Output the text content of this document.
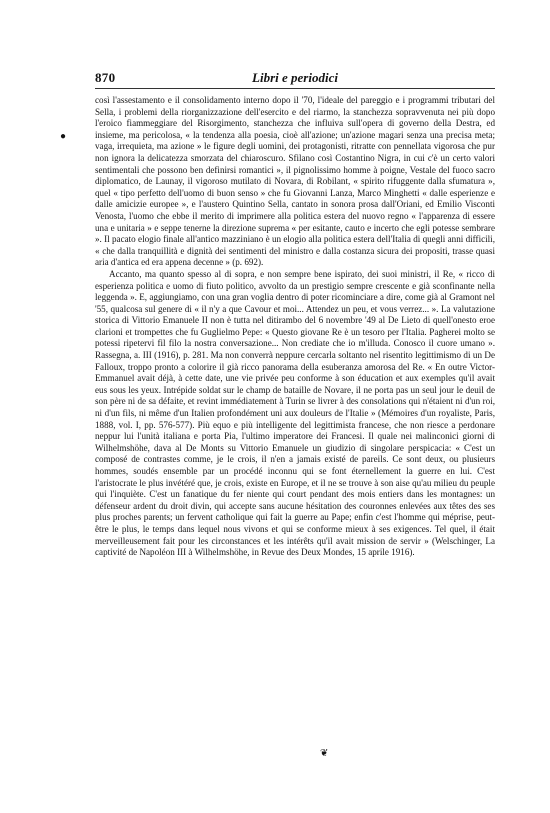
870	Libri e periodici
●

così l'assestamento e il consolidamento interno dopo il '70, l'ideale del pareggio e i programmi tributari del Sella, i problemi della riorganizzazione dell'esercito e del riarmo, la stanchezza sopravvenuta nei più dopo l'eroico fiammeggiare del Risorgimento, stanchezza che influiva sull'opera di governo della Destra, ed insieme, ma pericolosa, « la tendenza alla poesia, cioè all'azione; un'azione magari senza una precisa meta; vaga, irrequieta, ma azione » le figure degli uomini, dei protagonisti, ritratte con pennellata vigorosa che pur non ignora la delicatezza smorzata del chiaroscuro. Sfilano così Costantino Nigra, in cui c'è un certo valori sentimentali che possono ben definirsi romantici », il pignolissimo homme à poigne, Vestale del fuoco sacro diplomatico, de Launay, il vigoroso mutilato di Novara, di Robilant, « spirito rifuggente dalla sfumatura », quel « tipo perfetto dell'uomo di buon senso » che fu Giovanni Lanza, Marco Minghetti « dalle esperienze e dalle amicizie europee », e l'austero Quintino Sella, cantato in sonora prosa dall'Oriani, ed Emilio Visconti Venosta, l'uomo che ebbe il merito di imprimere alla politica estera del nuovo regno « l'apparenza di essere una e unitaria » e seppe tenerne la direzione suprema « per esitante, cauto e incerto che egli potesse sembrare ». Il pacato elogio finale all'antico mazziniano è un elogio alla politica estera dell'Italia di quegli anni difficili, « che dalla tranquillità e dignità dei sentimenti del ministro e dalla costanza sicura dei propositi, trasse quasi aria d'antica ed era appena decenne » (p. 692).

Accanto, ma quanto spesso al di sopra, e non sempre bene ispirato, dei suoi ministri, il Re, « ricco di esperienza politica e uomo di fiuto politico, avvolto da un prestigio sempre crescente e già sconfinante nella leggenda ». E, aggiungiamo, con una gran voglia dentro di poter ricominciare a dire, come già al Gramont nel '55, qualcosa sul genere di « il n'y a que Cavour et moi... Attendez un peu, et vous verrez... ». La valutazione storica di Vittorio Emanuele II non è tutta nel ditirambo del 6 novembre '49 al De Lieto di quell'onesto eroe clarioni et trompettes che fu Guglielmo Pepe: « Questo giovane Re è un tesoro per l'Italia. Pagherei molto se potessi ripetervi fil filo la nostra conversazione... Non crediate che io m'illuda. Conosco il cuore umano ». Rassegna, a. III (1916), p. 281. Ma non converrà neppure cercarla soltanto nel risentito legittimismo di un De Falloux, troppo pronto a colorire il già ricco panorama della esuberanza amorosa del Re. « En outre Victor-Emmanuel avait déjà, à cette date, une vie privée peu conforme à son éducation et aux exemples qu'il avait eus sous les yeux. Intrépide soldat sur le champ de bataille de Novare, il ne porta pas un seul jour le deuil de son père ni de sa défaite, et revint immédiatement à Turin se livrer à des consolations qui n'étaient ni d'un roi, ni d'un fils, ni même d'un Italien profondément uni aux douleurs de l'Italie » (Mémoires d'un royaliste, Paris, 1888, vol. I, pp. 576-577). Più equo e più intelligente del legittimista francese, che non riesce a perdonare neppur lui l'unità italiana e porta Pia, l'ultimo imperatore dei Francesi. Il quale nei malinconici giorni di Wilhelmshöhe, dava al De Monts su Vittorio Emanuele un giudizio di singolare perspicacia: « C'est un composé de contrastes comme, je le crois, il n'en a jamais existé de pareils. Ce sont deux, ou plusieurs hommes, soudés ensemble par un procédé inconnu qui se font éternellement la guerre en lui. C'est l'aristocrate le plus invétéré que, je crois, existe en Europe, et il ne se trouve à son aise qu'au milieu du peuple qui l'inquiète. C'est un fanatique du fer niente qui court pendant des mois entiers dans les montagnes: un défenseur ardent du droit divin, qui accepte sans aucune hésitation des couronnes enlevées aux têtes des ses plus proches parents; un fervent catholique qui fait la guerre au Pape; enfin c'est l'homme qui méprise, peut-être le plus, le temps dans lequel nous vivons et qui se conforme mieux à ses exigences. Tel quel, il était merveilleusement fait pour les circonstances et les intérêts qu'il avait mission de servir » (Welschinger, La captivité de Napoléon III à Wilhelmshöhe, in Revue des Deux Mondes, 15 aprile 1916).

❦
